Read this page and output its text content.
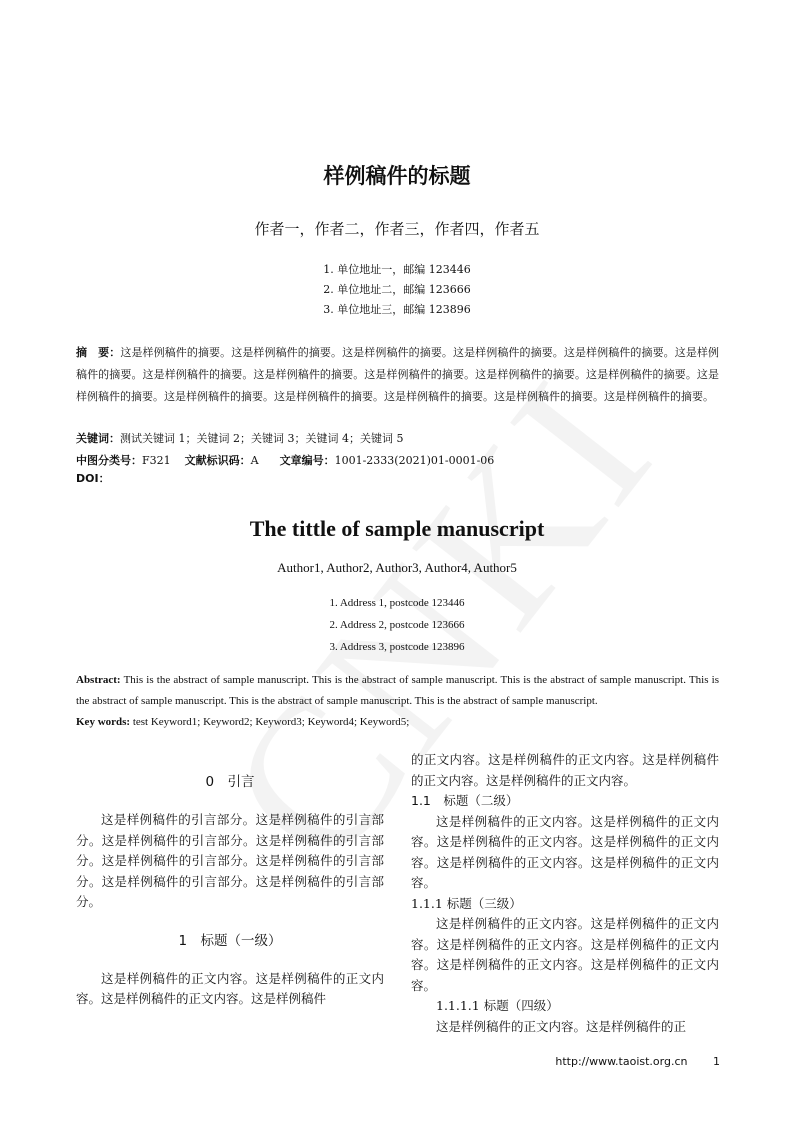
样例稿件的标题
作者一，作者二，作者三，作者四，作者五
1. 单位地址一，邮编 123446
2. 单位地址二，邮编 123666
3. 单位地址三，邮编 123896
摘　要：这是样例稿件的摘要。这是样例稿件的摘要。这是样例稿件的摘要。这是样例稿件的摘要。这是样例稿件的摘要。这是样例稿件的摘要。这是样例稿件的摘要。这是样例稿件的摘要。这是样例稿件的摘要。这是样例稿件的摘要。这是样例稿件的摘要。这是样例稿件的摘要。这是样例稿件的摘要。这是样例稿件的摘要。这是样例稿件的摘要。这是样例稿件的摘要。这是样例稿件的摘要。
关键词：测试关键词 1；关键词 2；关键词 3；关键词 4；关键词 5
中图分类号：F321 文献标识码：A 文章编号：1001-2333(2021)01-0001-06
DOI：
The tittle of sample manuscript
Author1, Author2, Author3, Author4, Author5
1. Address 1, postcode 123446
2. Address 2, postcode 123666
3. Address 3, postcode 123896
Abstract: This is the abstract of sample manuscript. This is the abstract of sample manuscript. This is the abstract of sample manuscript. This is the abstract of sample manuscript. This is the abstract of sample manuscript. This is the abstract of sample manuscript.
Key words: test Keyword1; Keyword2; Keyword3; Keyword4; Keyword5;

0　引言

这是样例稿件的引言部分。这是样例稿件的引言部分。这是样例稿件的引言部分。这是样例稿件的引言部分。这是样例稿件的引言部分。这是样例稿件的引言部分。这是样例稿件的引言部分。这是样例稿件的引言部分。

1　标题（一级）

这是样例稿件的正文内容。这是样例稿件的正文内容。这是样例稿件的正文内容。这是样例稿件

的正文内容。这是样例稿件的正文内容。这是样例稿件的正文内容。这是样例稿件的正文内容。

1.1　标题（二级）

这是样例稿件的正文内容。这是样例稿件的正文内容。这是样例稿件的正文内容。这是样例稿件的正文内容。这是样例稿件的正文内容。这是样例稿件的正文内容。

1.1.1 标题（三级）

这是样例稿件的正文内容。这是样例稿件的正文内容。这是样例稿件的正文内容。这是样例稿件的正文内容。这是样例稿件的正文内容。这是样例稿件的正文内容。

1.1.1.1 标题（四级）

这是样例稿件的正文内容。这是样例稿件的正

http://www.taoist.org.cn 1
